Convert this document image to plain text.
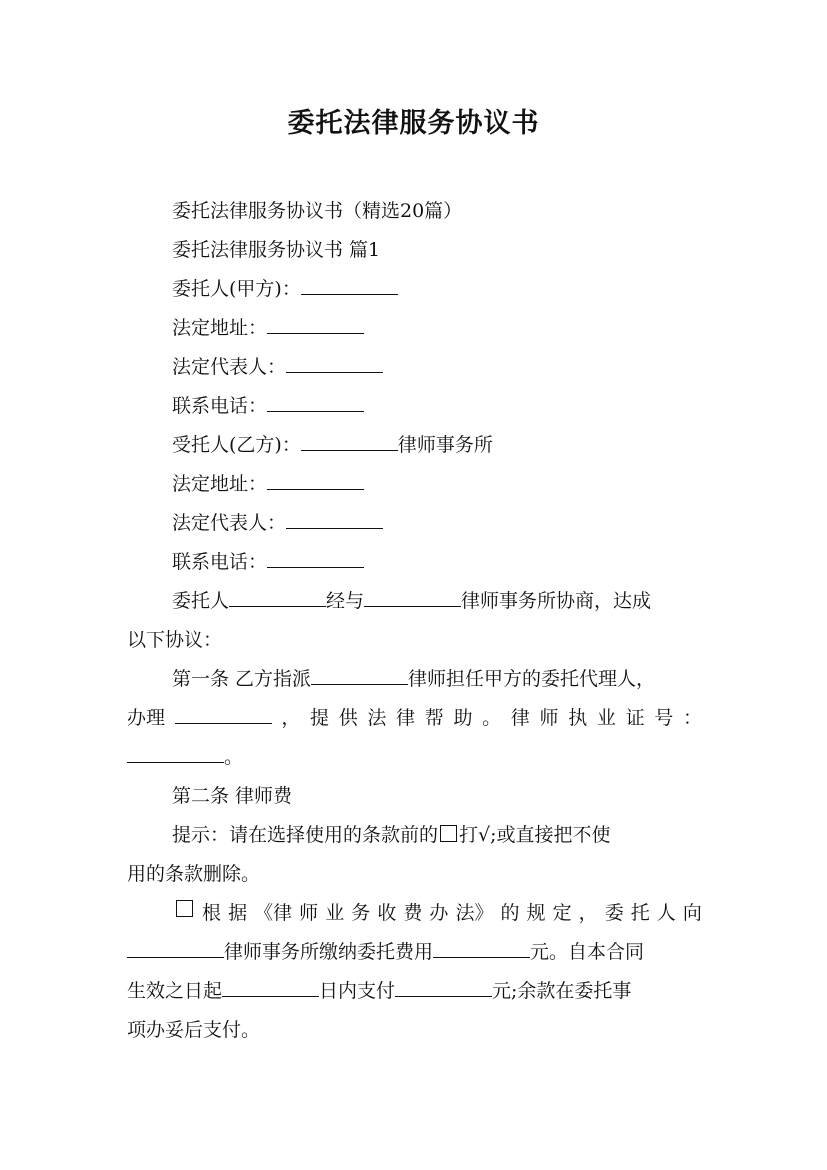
委托法律服务协议书
委托法律服务协议书（精选20篇）
委托法律服务协议书 篇1
委托人(甲方)：
法定地址：
法定代表人：
联系电话：
受托人(乙方)：	律师事务所
法定地址：
法定代表人：
联系电话：
委托人	经与	律师事务所协商，达成
以下协议：
第一条 乙方指派	律师担任甲方的委托代理人，
办理	， 提 供 法 律 帮 助 。 律 师 执 业 证 号 ：
。
第二条 律师费
提示：请在选择使用的条款前的 打√;或直接把不使
用的条款删除。
根 据 《律 师 业 务 收 费 办 法》 的 规 定 ， 委 托 人 向
律师事务所缴纳委托费用	元。自本合同
生效之日起	日内支付	元;余款在委托事
项办妥后支付。
